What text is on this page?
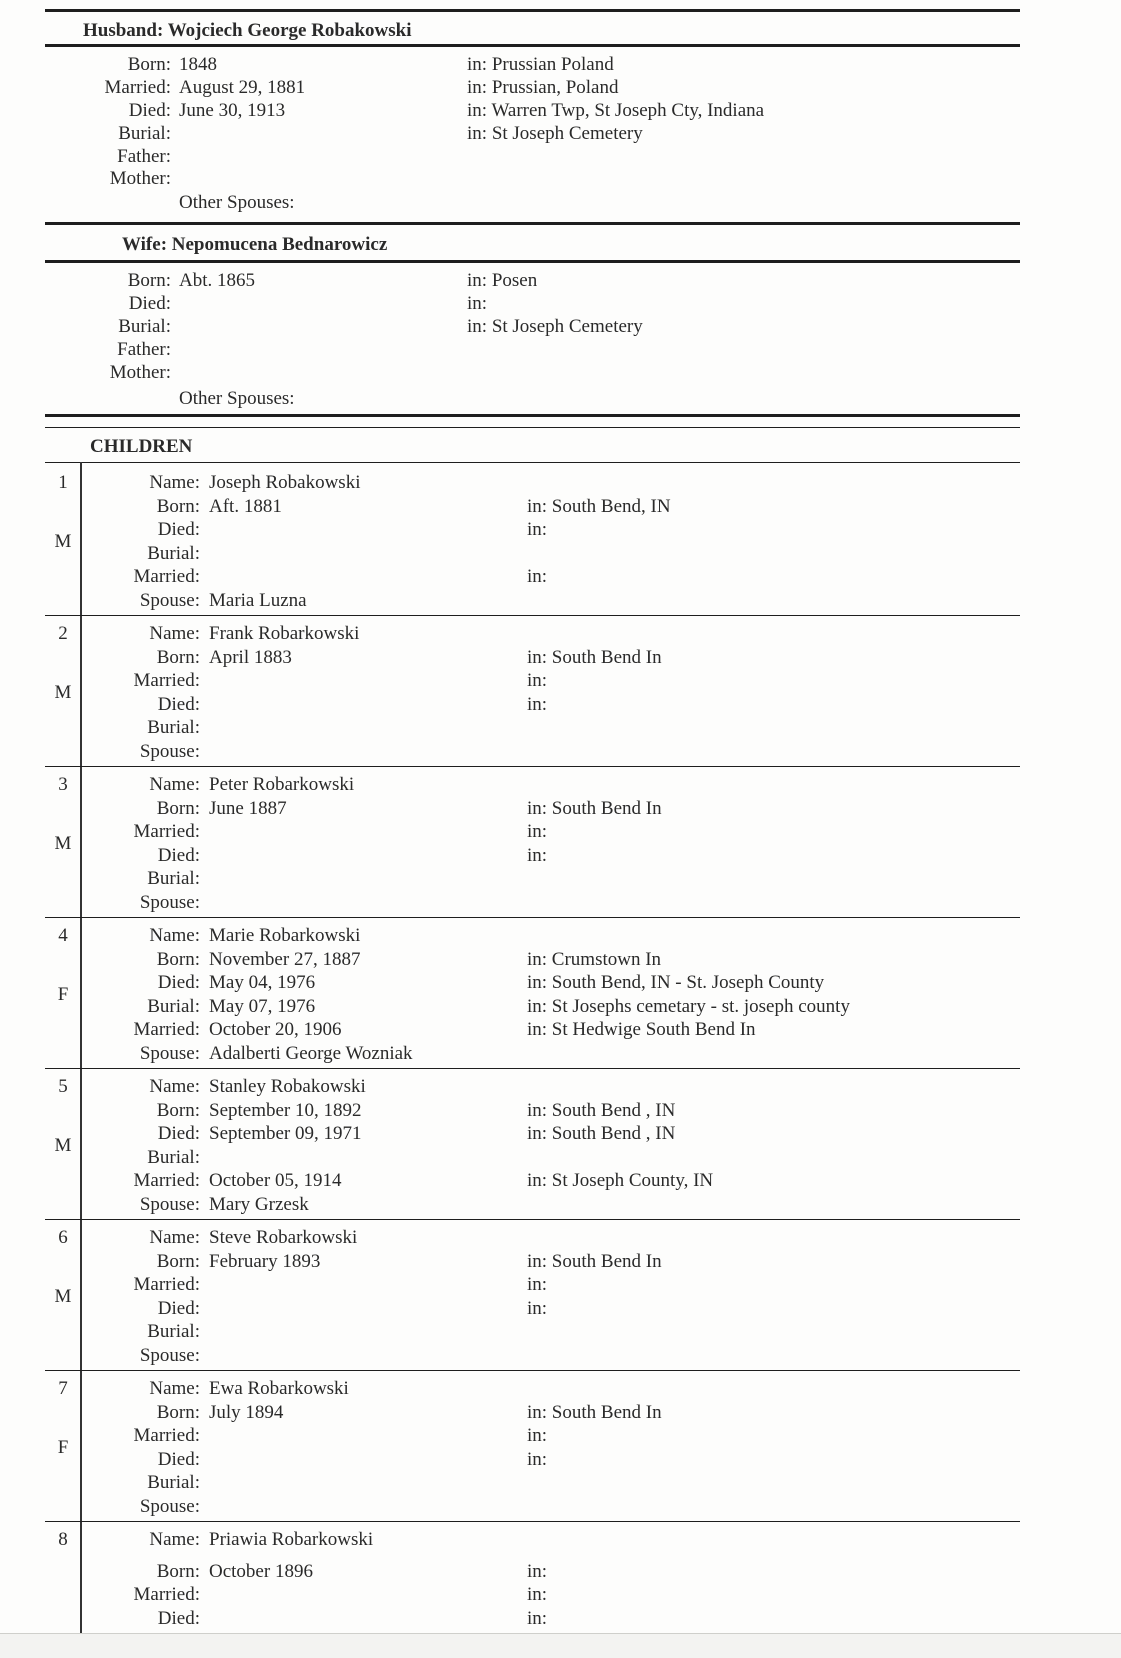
Husband: Wojciech George Robakowski
Born: 1848	in: Prussian Poland
Married: August 29, 1881	in: Prussian, Poland
Died: June 30, 1913	in: Warren Twp, St Joseph Cty, Indiana
Burial:	in: St Joseph Cemetery
Father:
Mother:
Other Spouses:
Wife: Nepomucena Bednarowicz
Born: Abt. 1865	in: Posen
Died:	in:
Burial:	in: St Joseph Cemetery
Father:
Mother:
Other Spouses:
CHILDREN
1
M
Name: Joseph Robakowski
Born: Aft. 1881	in: South Bend, IN
Died:	in:
Burial:
Married:	in:
Spouse: Maria Luzna
2
M
Name: Frank Robarkowski
Born: April 1883	in: South Bend In
Married:	in:
Died:	in:
Burial:
Spouse:
3
M
Name: Peter Robarkowski
Born: June 1887	in: South Bend In
Married:	in:
Died:	in:
Burial:
Spouse:
4
F
Name: Marie Robarkowski
Born: November 27, 1887	in: Crumstown In
Died: May 04, 1976	in: South Bend, IN - St. Joseph County
Burial: May 07, 1976	in: St Josephs cemetary - st. joseph county
Married: October 20, 1906	in: St Hedwige South Bend In
Spouse: Adalberti George Wozniak
5
M
Name: Stanley Robakowski
Born: September 10, 1892	in: South Bend , IN
Died: September 09, 1971	in: South Bend , IN
Burial:
Married: October 05, 1914	in: St Joseph County, IN
Spouse: Mary Grzesk
6
M
Name: Steve Robarkowski
Born: February 1893	in: South Bend In
Married:	in:
Died:	in:
Burial:
Spouse:
7
F
Name: Ewa Robarkowski
Born: July 1894	in: South Bend In
Married:	in:
Died:	in:
Burial:
Spouse:
8	Name: Priawia Robarkowski
Born: October 1896	in:
Married:	in:
Died:	in:
